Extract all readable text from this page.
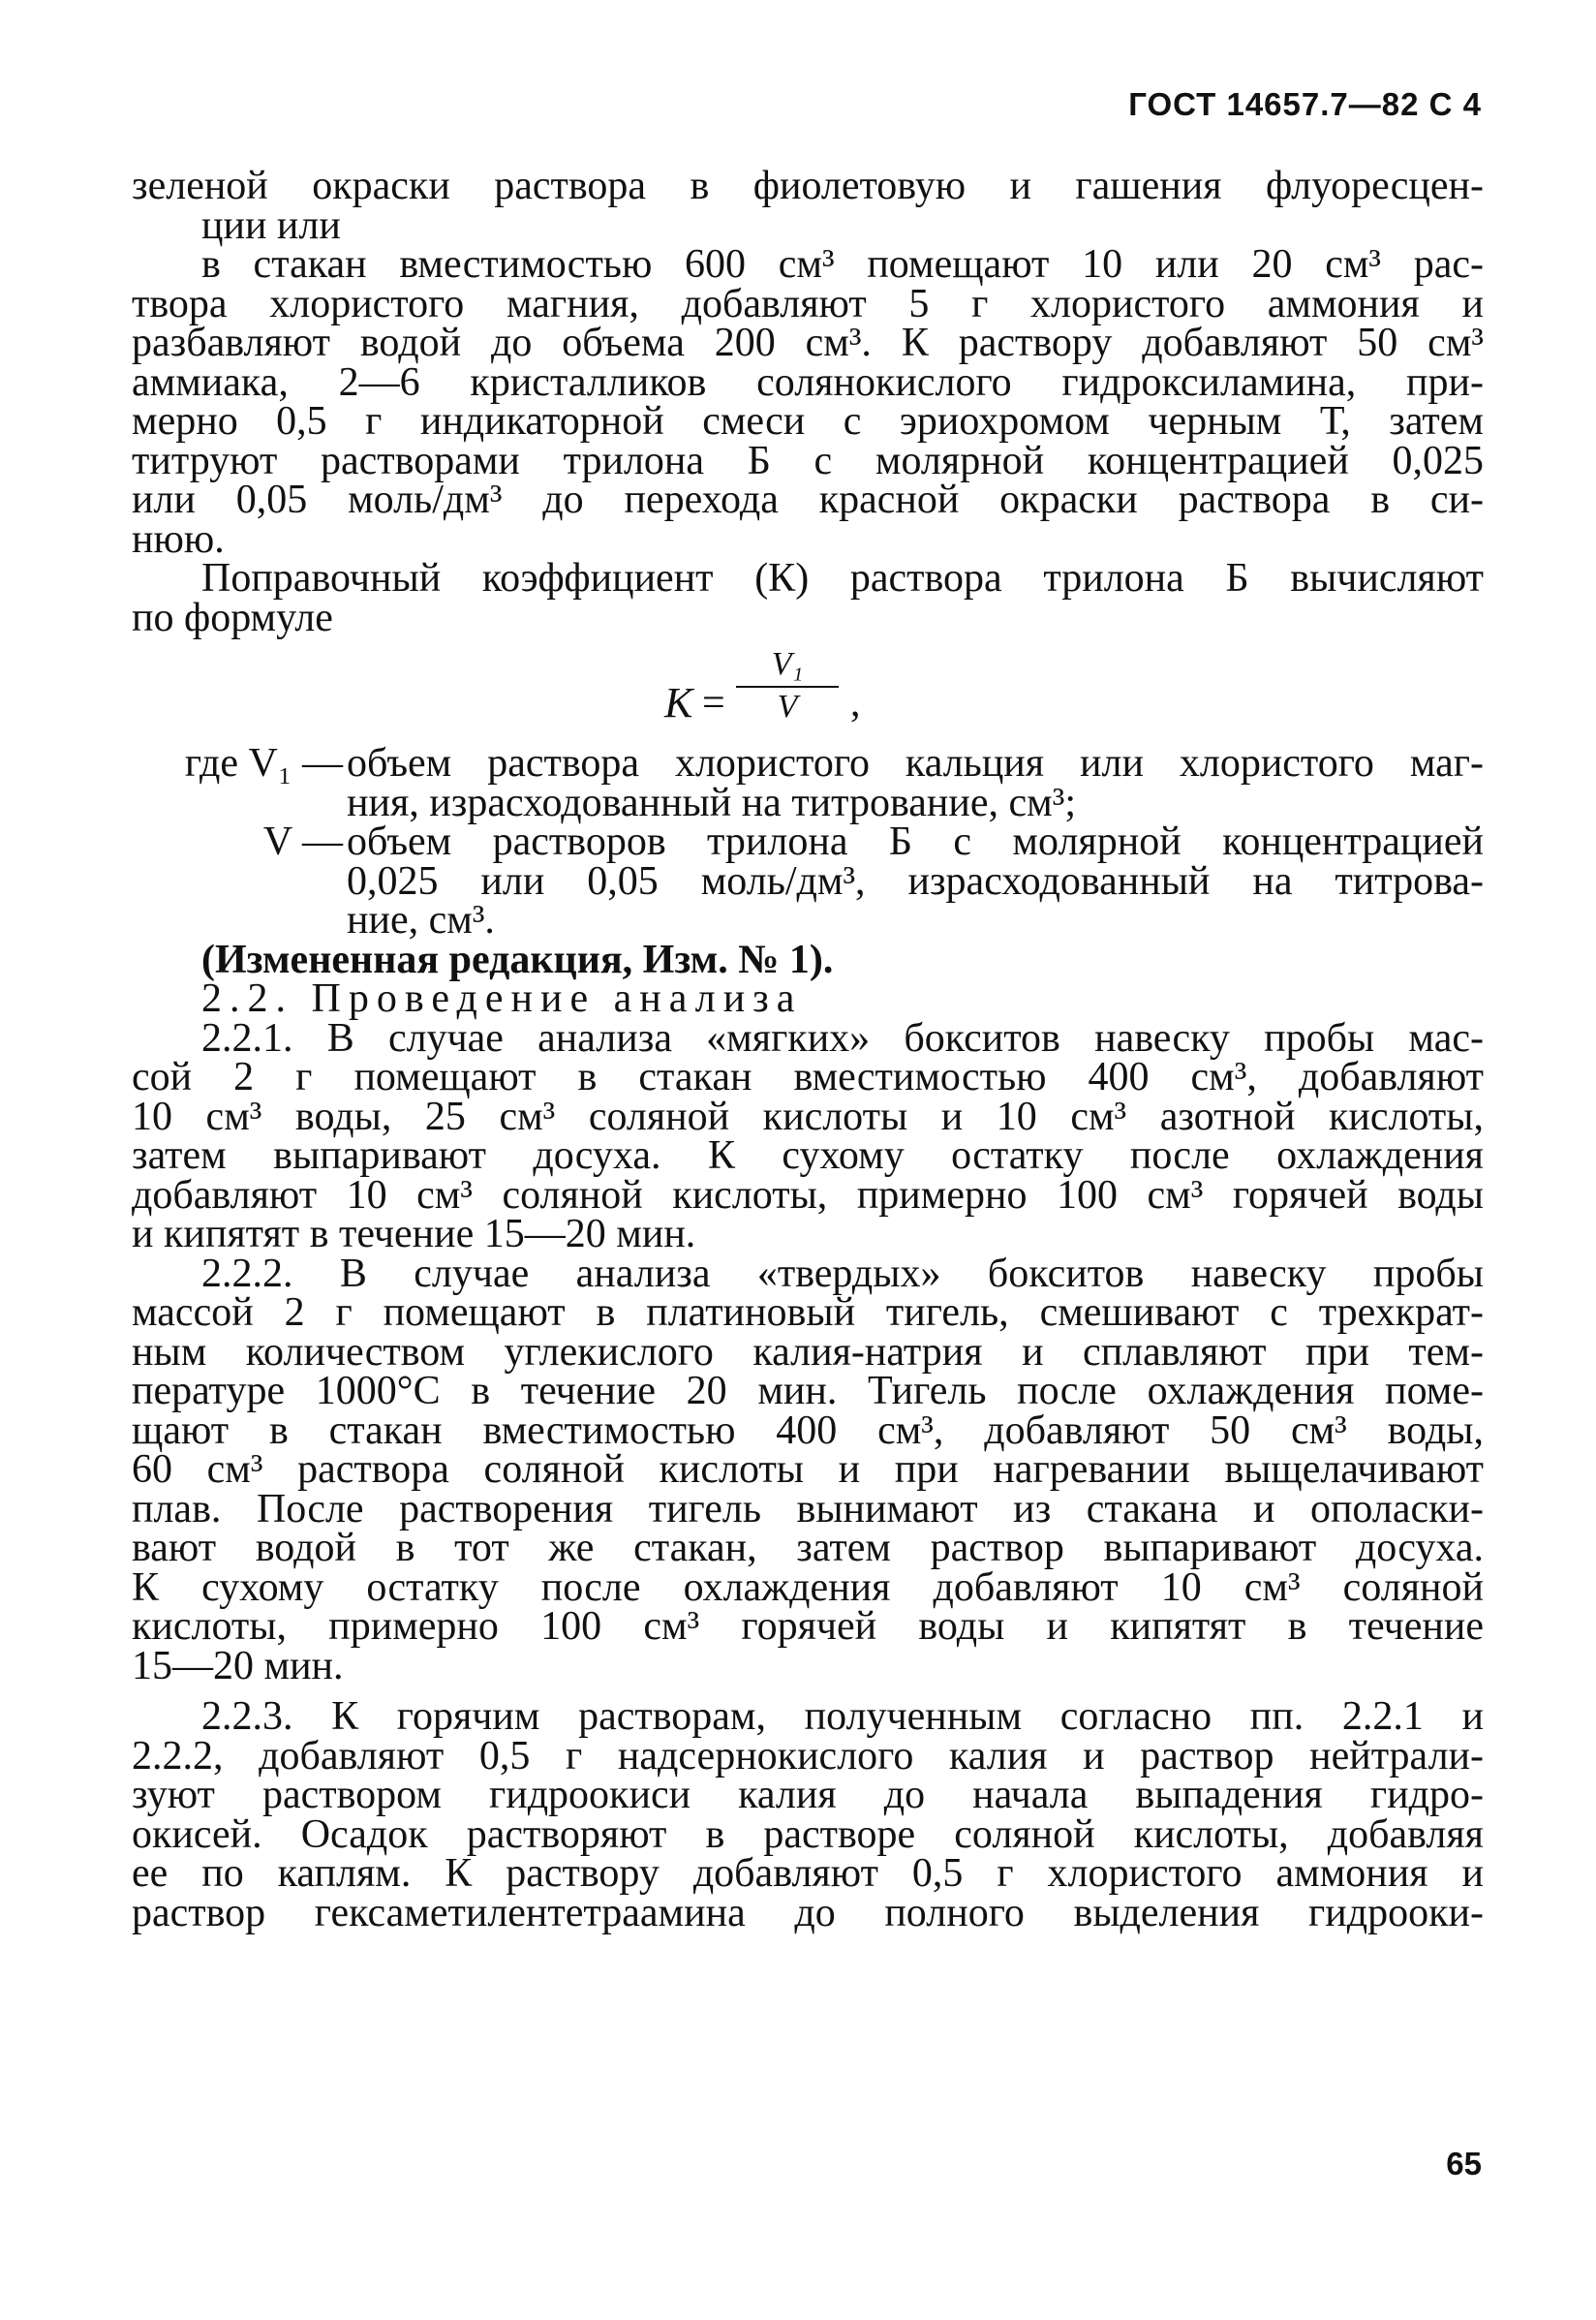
ГОСТ 14657.7—82 С 4

зеленой окраски раствора в фиолетовую и гашения флуоресцен-
ции или

в стакан вместимостью 600 см³ помещают 10 или 20 см³ рас-
твора хлористого магния, добавляют 5 г хлористого аммония и
разбавляют водой до объема 200 см³. К раствору добавляют 50 см³
аммиака, 2—6 кристалликов солянокислого гидроксиламина, при-
мерно 0,5 г индикаторной смеси с эриохромом черным Т, затем
титруют растворами трилона Б с молярной концентрацией 0,025
или 0,05 моль/дм³ до перехода красной окраски раствора в си-
нюю.

Поправочный коэффициент (К) раствора трилона Б вычисляют
по формуле

K =
V₁
V	,
где V₁ — объем раствора хлористого кальция или хлористого маг-
ния, израсходованный на титрование, см³;
V — объем растворов трилона Б с молярной концентрацией
0,025 или 0,05 моль/дм³, израсходованный на титрова-
ние, см³.

(Измененная редакция, Изм. № 1).

2.2. Проведение анализа

2.2.1. В случае анализа «мягких» бокситов навеску пробы мас-
сой 2 г помещают в стакан вместимостью 400 см³, добавляют
10 см³ воды, 25 см³ соляной кислоты и 10 см³ азотной кислоты,
затем выпаривают досуха. К сухому остатку после охлаждения
добавляют 10 см³ соляной кислоты, примерно 100 см³ горячей воды
и кипятят в течение 15—20 мин.

2.2.2. В случае анализа «твердых» бокситов навеску пробы
массой 2 г помещают в платиновый тигель, смешивают с трехкрат-
ным количеством углекислого калия-натрия и сплавляют при тем-
пературе 1000°С в течение 20 мин. Тигель после охлаждения поме-
щают в стакан вместимостью 400 см³, добавляют 50 см³ воды,
60 см³ раствора соляной кислоты и при нагревании выщелачивают
плав. После растворения тигель вынимают из стакана и ополаски-
вают водой в тот же стакан, затем раствор выпаривают досуха.
К сухому остатку после охлаждения добавляют 10 см³ соляной
кислоты, примерно 100 см³ горячей воды и кипятят в течение
15—20 мин.

2.2.3. К горячим растворам, полученным согласно пп. 2.2.1 и
2.2.2, добавляют 0,5 г надсернокислого калия и раствор нейтрали-
зуют раствором гидроокиси калия до начала выпадения гидро-
окисей. Осадок растворяют в растворе соляной кислоты, добавляя
ее по каплям. К раствору добавляют 0,5 г хлористого аммония и
раствор гексаметилентетраамина до полного выделения гидрооки-

65
